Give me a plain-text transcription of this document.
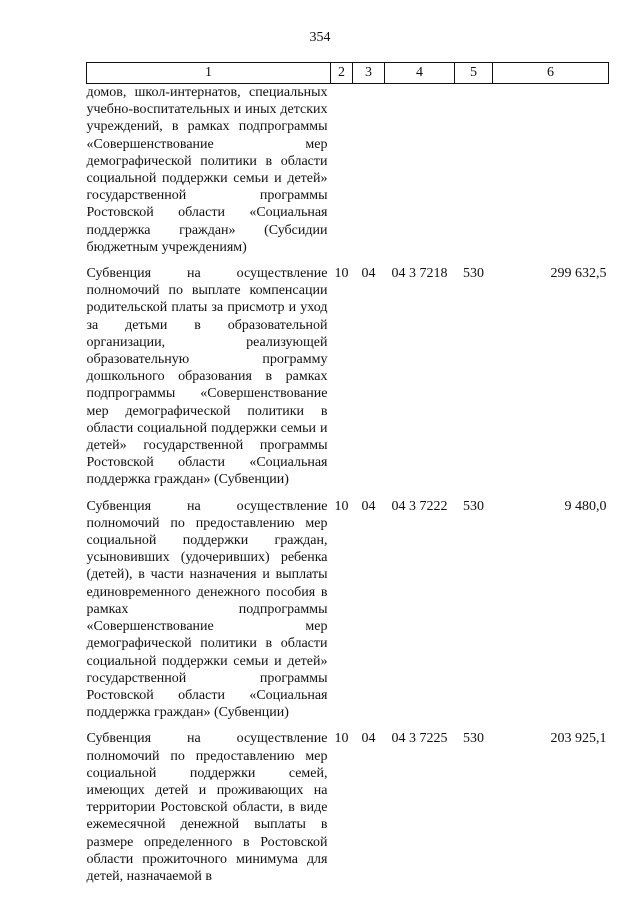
354
1	2	3	4	5	6
домов, школ-интернатов, специальных учебно-воспитательных и иных детских учреждений, в рамках подпрограммы «Совершенствование мер демографической политики в области социальной поддержки семьи и детей» государственной программы Ростовской области «Социальная поддержка граждан» (Субсидии бюджетным учреждениям)					
Субвенция на осуществление полномочий по выплате компенсации родительской платы за присмотр и уход за детьми в образовательной организации, реализующей образовательную программу дошкольного образования в рамках подпрограммы «Совершенствование мер демографической политики в области социальной поддержки семьи и детей» государственной программы Ростовской области «Социальная поддержка граждан» (Субвенции)	10	04	04 3 7218	530	299 632,5
Субвенция на осуществление полномочий по предоставлению мер социальной поддержки граждан, усыновивших (удочеривших) ребенка (детей), в части назначения и выплаты единовременного денежного пособия в рамках подпрограммы «Совершенствование мер демографической политики в области социальной поддержки семьи и детей» государственной программы Ростовской области «Социальная поддержка граждан» (Субвенции)	10	04	04 3 7222	530	9 480,0
Субвенция на осуществление полномочий по предоставлению мер социальной поддержки семей, имеющих детей и проживающих на территории Ростовской области, в виде ежемесячной денежной выплаты в размере определенного в Ростовской области прожиточного минимума для детей, назначаемой в	10	04	04 3 7225	530	203 925,1
